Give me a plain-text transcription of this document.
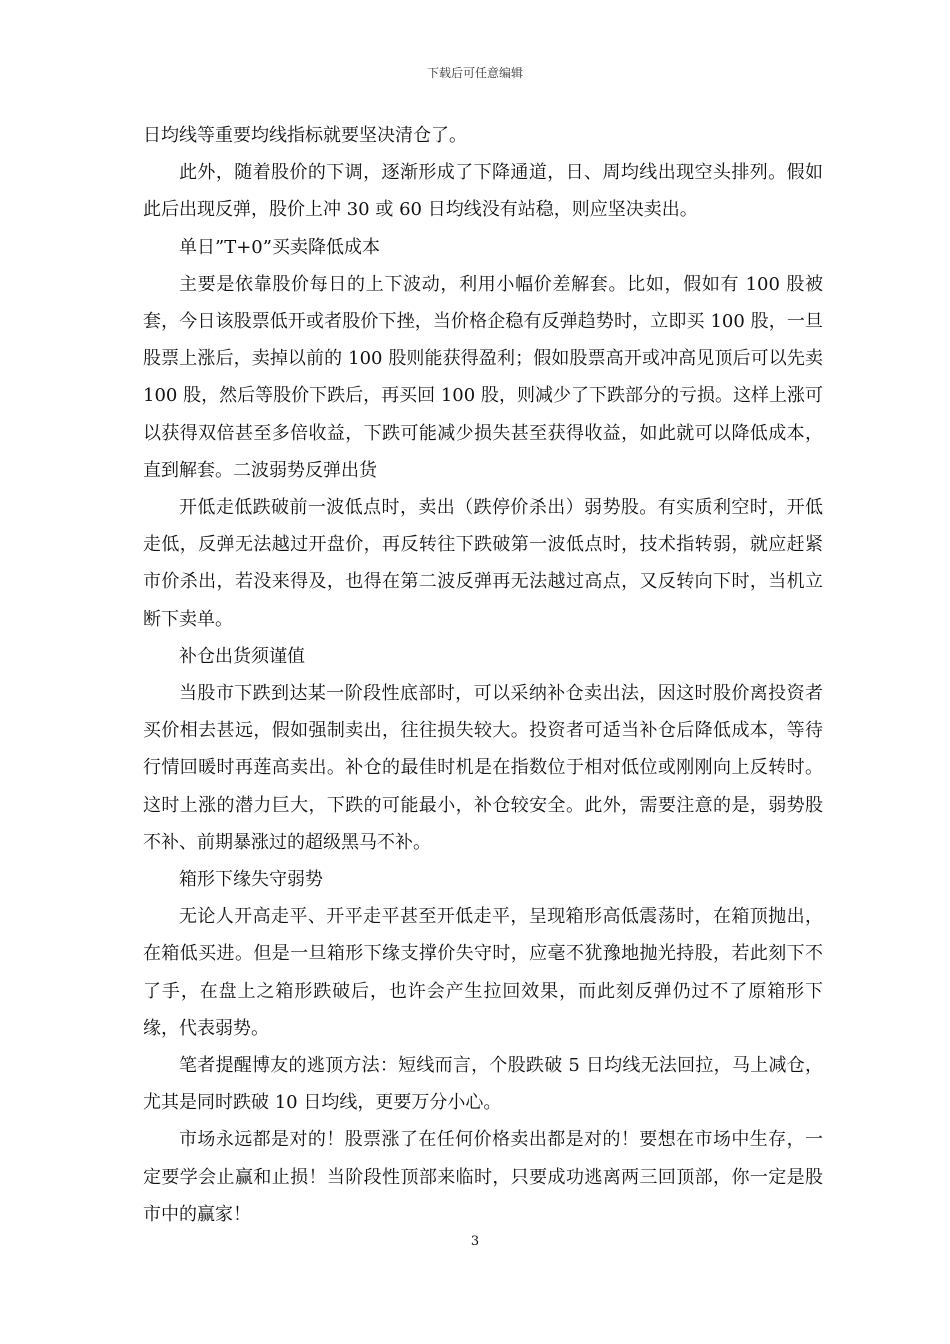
下载后可任意编辑

日均线等重要均线指标就要坚决清仓了。

此外，随着股价的下调，逐渐形成了下降通道，日、周均线出现空头排列。假如此后出现反弹，股价上冲 30 或 60 日均线没有站稳，则应坚决卖出。

单日”T+0”买卖降低成本

主要是依靠股价每日的上下波动，利用小幅价差解套。比如，假如有 100 股被套，今日该股票低开或者股价下挫，当价格企稳有反弹趋势时，立即买 100 股，一旦股票上涨后，卖掉以前的 100 股则能获得盈利；假如股票高开或冲高见顶后可以先卖 100 股，然后等股价下跌后，再买回 100 股，则减少了下跌部分的亏损。这样上涨可以获得双倍甚至多倍收益，下跌可能减少损失甚至获得收益，如此就可以降低成本，直到解套。二波弱势反弹出货

开低走低跌破前一波低点时，卖出（跌停价杀出）弱势股。有实质利空时，开低走低，反弹无法越过开盘价，再反转往下跌破第一波低点时，技术指转弱，就应赶紧市价杀出，若没来得及，也得在第二波反弹再无法越过高点，又反转向下时，当机立断下卖单。

补仓出货须谨值

当股市下跌到达某一阶段性底部时，可以采纳补仓卖出法，因这时股价离投资者买价相去甚远，假如强制卖出，往往损失较大。投资者可适当补仓后降低成本，等待行情回暖时再莲高卖出。补仓的最佳时机是在指数位于相对低位或刚刚向上反转时。这时上涨的潜力巨大，下跌的可能最小，补仓较安全。此外，需要注意的是，弱势股不补、前期暴涨过的超级黑马不补。

箱形下缘失守弱势

无论人开高走平、开平走平甚至开低走平，呈现箱形高低震荡时，在箱顶抛出，在箱低买进。但是一旦箱形下缘支撑价失守时，应毫不犹豫地抛光持股，若此刻下不了手，在盘上之箱形跌破后，也许会产生拉回效果，而此刻反弹仍过不了原箱形下缘，代表弱势。

笔者提醒博友的逃顶方法：短线而言，个股跌破 5 日均线无法回拉，马上减仓，尤其是同时跌破 10 日均线，更要万分小心。

市场永远都是对的！股票涨了在任何价格卖出都是对的！要想在市场中生存，一定要学会止赢和止损！当阶段性顶部来临时，只要成功逃离两三回顶部，你一定是股市中的赢家！

3
